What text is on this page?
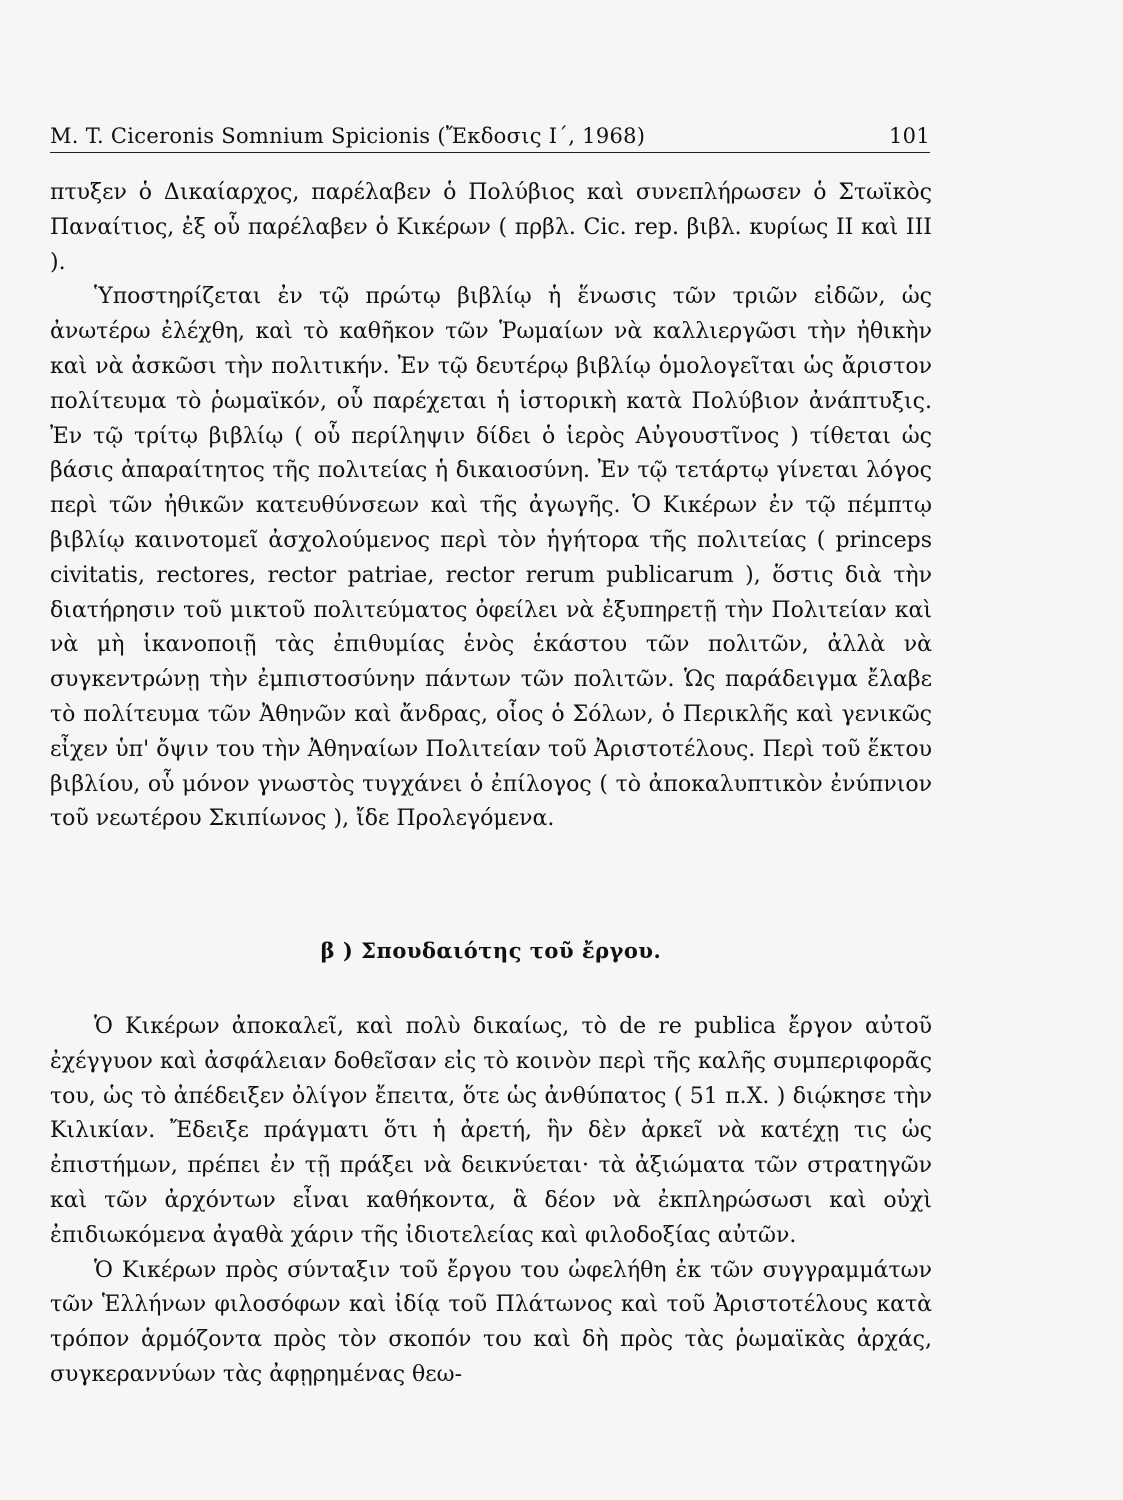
M. T. Ciceronis Somnium Spicionis (Ἔκδοσις Ι΄, 1968)	101

πτυξεν ὁ Δικαίαρχος, παρέλαβεν ὁ Πολύβιος καὶ συνεπλήρωσεν ὁ Στωϊκὸς Παναίτιος, ἐξ οὗ παρέλαβεν ὁ Κικέρων ( πρβλ. Cic. rep. βιβλ. κυρίως II καὶ III ).

Ὑποστηρίζεται ἐν τῷ πρώτῳ βιβλίῳ ἡ ἕνωσις τῶν τριῶν εἰδῶν, ὡς ἀνωτέρω ἐλέχθη, καὶ τὸ καθῆκον τῶν Ῥωμαίων νὰ καλλιεργῶσι τὴν ἠθικὴν καὶ νὰ ἀσκῶσι τὴν πολιτικήν. Ἐν τῷ δευτέρῳ βιβλίῳ ὁμολογεῖται ὡς ἄριστον πολίτευμα τὸ ῥωμαϊκόν, οὗ παρέχεται ἡ ἱστορικὴ κατὰ Πολύβιον ἀνάπτυξις. Ἐν τῷ τρίτῳ βιβλίῳ ( οὗ περίληψιν δίδει ὁ ἱερὸς Αὐγουστῖνος ) τίθεται ὡς βάσις ἀπαραίτητος τῆς πολιτείας ἡ δικαιοσύνη. Ἐν τῷ τετάρτῳ γίνεται λόγος περὶ τῶν ἠθικῶν κατευθύνσεων καὶ τῆς ἀγωγῆς. Ὁ Κικέρων ἐν τῷ πέμπτῳ βιβλίῳ καινοτομεῖ ἀσχολούμενος περὶ τὸν ἡγήτορα τῆς πολιτείας ( princeps civitatis, rectores, rector patriae, rector rerum publicarum ), ὅστις διὰ τὴν διατήρησιν τοῦ μικτοῦ πολιτεύματος ὀφείλει νὰ ἐξυπηρετῇ τὴν Πολιτείαν καὶ νὰ μὴ ἱκανοποιῇ τὰς ἐπιθυμίας ἑνὸς ἑκάστου τῶν πολιτῶν, ἀλλὰ νὰ συγκεντρώνῃ τὴν ἐμπιστοσύνην πάντων τῶν πολιτῶν. Ὡς παράδειγμα ἔλαβε τὸ πολίτευμα τῶν Ἀθηνῶν καὶ ἄνδρας, οἷος ὁ Σόλων, ὁ Περικλῆς καὶ γενικῶς εἶχεν ὑπ' ὄψιν του τὴν Ἀθηναίων Πολιτείαν τοῦ Ἀριστοτέλους. Περὶ τοῦ ἕκτου βιβλίου, οὗ μόνον γνωστὸς τυγχάνει ὁ ἐπίλογος ( τὸ ἀποκαλυπτικὸν ἐνύπνιον τοῦ νεωτέρου Σκιπίωνος ), ἴδε Προλεγόμενα.

β ) Σπουδαιότης τοῦ ἔργου.

Ὁ Κικέρων ἀποκαλεῖ, καὶ πολὺ δικαίως, τὸ de re publica ἔργον αὐτοῦ ἐχέγγυον καὶ ἀσφάλειαν δοθεῖσαν εἰς τὸ κοινὸν περὶ τῆς καλῆς συμπεριφορᾶς του, ὡς τὸ ἀπέδειξεν ὀλίγον ἔπειτα, ὅτε ὡς ἀνθύπατος ( 51 π.Χ. ) διῴκησε τὴν Κιλικίαν. Ἔδειξε πράγματι ὅτι ἡ ἀρετή, ἣν δὲν ἀρκεῖ νὰ κατέχῃ τις ὡς ἐπιστήμων, πρέπει ἐν τῇ πράξει νὰ δεικνύεται· τὰ ἀξιώματα τῶν στρατηγῶν καὶ τῶν ἀρχόντων εἶναι καθήκοντα, ἃ δέον νὰ ἐκπληρώσωσι καὶ οὐχὶ ἐπιδιωκόμενα ἀγαθὰ χάριν τῆς ἰδιοτελείας καὶ φιλοδοξίας αὐτῶν.

Ὁ Κικέρων πρὸς σύνταξιν τοῦ ἔργου του ὠφελήθη ἐκ τῶν συγγραμμάτων τῶν Ἑλλήνων φιλοσόφων καὶ ἰδίᾳ τοῦ Πλάτωνος καὶ τοῦ Ἀριστοτέλους κατὰ τρόπον ἁρμόζοντα πρὸς τὸν σκοπόν του καὶ δὴ πρὸς τὰς ῥωμαϊκὰς ἀρχάς, συγκεραννύων τὰς ἀφῃρημένας θεω-
